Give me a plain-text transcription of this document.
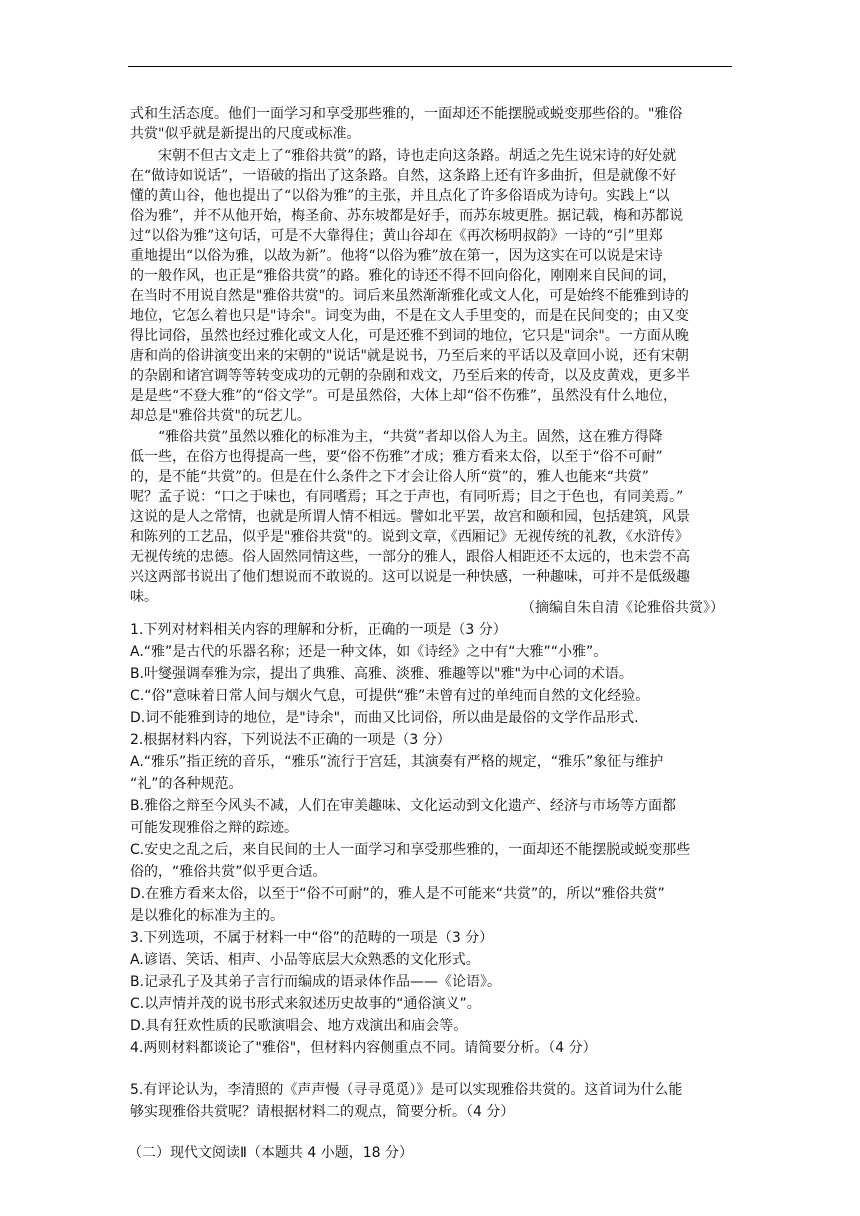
式和生活态度。他们一面学习和享受那些雅的，一面却还不能摆脱或蜕变那些俗的。"雅俗
共赏"似乎就是新提出的尺度或标准。
宋朝不但古文走上了“雅俗共赏”的路，诗也走向这条路。胡适之先生说宋诗的好处就
在“做诗如说话”，一语破的指出了这条路。自然，这条路上还有许多曲折，但是就像不好
懂的黄山谷，他也提出了“以俗为雅”的主张，并且点化了许多俗语成为诗句。实践上“以
俗为雅”，并不从他开始，梅圣俞、苏东坡都是好手，而苏东坡更胜。据记载，梅和苏都说
过“以俗为雅”这句话，可是不大靠得住；黄山谷却在《再次杨明叔韵》一诗的“引”里郑
重地提出“以俗为雅，以故为新”。他将“以俗为雅”放在第一，因为这实在可以说是宋诗
的一般作风，也正是“雅俗共赏”的路。雅化的诗还不得不回向俗化，刚刚来自民间的词，
在当时不用说自然是"雅俗共赏"的。词后来虽然渐渐雅化或文人化，可是始终不能雅到诗的
地位，它怎么着也只是"诗余"。词变为曲，不是在文人手里变的，而是在民间变的；由又变
得比词俗，虽然也经过雅化或文人化，可是还雅不到词的地位，它只是"词余"。一方面从晚
唐和尚的俗讲演变出来的宋朝的"说话"就是说书，乃至后来的平话以及章回小说，还有宋朝
的杂剧和诸宫调等等转变成功的元朝的杂剧和戏文，乃至后来的传奇，以及皮黄戏，更多半
是是些“不登大雅”的“俗文学”。可是虽然俗，大体上却“俗不伤雅”，虽然没有什么地位，
却总是"雅俗共赏"的玩艺儿。
“雅俗共赏”虽然以雅化的标准为主，“共赏”者却以俗人为主。固然，这在雅方得降
低一些，在俗方也得提高一些，要“俗不伤雅”才成；雅方看来太俗，以至于“俗不可耐”
的，是不能“共赏”的。但是在什么条件之下才会让俗人所“赏”的，雅人也能来“共赏”
呢？孟子说：“口之于味也，有同嗜焉；耳之于声也，有同听焉；目之于色也，有同美焉。”
这说的是人之常情，也就是所谓人情不相远。譬如北平罢，故宫和颐和园，包括建筑，风景
和陈列的工艺品，似乎是"雅俗共赏"的。说到文章，《西厢记》无视传统的礼教，《水浒传》
无视传统的忠德。俗人固然同情这些，一部分的雅人，跟俗人相距还不太远的，也未尝不高
兴这两部书说出了他们想说而不敢说的。这可以说是一种快感，一种趣味，可并不是低级趣
味。
（摘编自朱自清《论雅俗共赏》）
1.下列对材料相关内容的理解和分析，正确的一项是（3 分）
A.“雅”是古代的乐器名称；还是一种文体，如《诗经》之中有“大雅”“小雅”。
B.叶燮强调奉雅为宗，提出了典雅、高雅、淡雅、雅趣等以"雅"为中心词的术语。
C.“俗”意味着日常人间与烟火气息，可提供“雅”未曾有过的单纯而自然的文化经验。
D.词不能雅到诗的地位，是"诗余"，而曲又比词俗，所以曲是最俗的文学作品形式.
2.根据材料内容，下列说法不正确的一项是（3 分）
A.“雅乐”指正统的音乐，“雅乐”流行于宫廷，其演奏有严格的规定，“雅乐”象征与维护
“礼”的各种规范。
B.雅俗之辩至今风头不减，人们在审美趣味、文化运动到文化遗产、经济与市场等方面都
可能发现雅俗之辩的踪迹。
C.安史之乱之后，来自民间的士人一面学习和享受那些雅的，一面却还不能摆脱或蜕变那些
俗的，“雅俗共赏”似乎更合适。
D.在雅方看来太俗，以至于“俗不可耐”的，雅人是不可能来“共赏”的，所以“雅俗共赏”
是以雅化的标准为主的。
3.下列选项，不属于材料一中“俗”的范畴的一项是（3 分）
A.谚语、笑话、相声、小品等底层大众熟悉的文化形式。
B.记录孔子及其弟子言行而编成的语录体作品——《论语》。
C.以声情并茂的说书形式来叙述历史故事的“通俗演义”。
D.具有狂欢性质的民歌演唱会、地方戏演出和庙会等。
4.两则材料都谈论了"雅俗"，但材料内容侧重点不同。请简要分析。（4 分）
5.有评论认为，李清照的《声声慢（寻寻觅觅）》是可以实现雅俗共赏的。这首词为什么能
够实现雅俗共赏呢？请根据材料二的观点，简要分析。（4 分）
（二）现代文阅读Ⅱ（本题共 4 小题，18 分）
